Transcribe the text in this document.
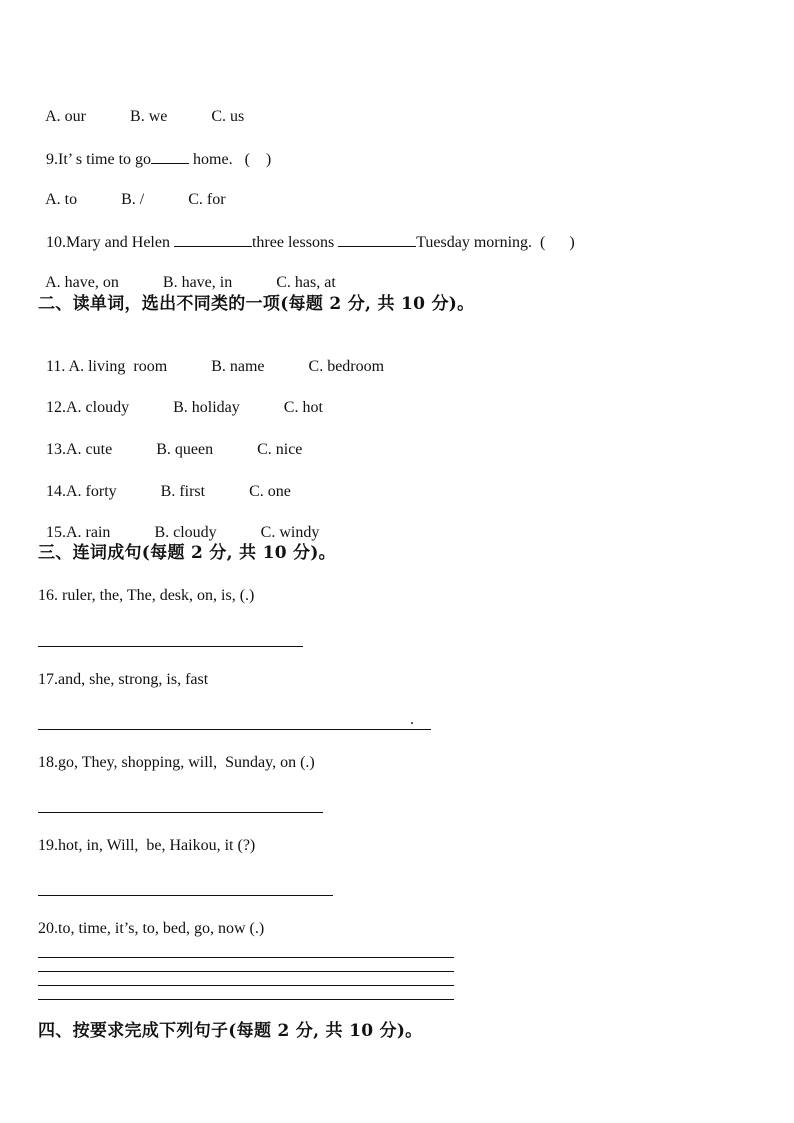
A. our	B. we	C. us

9.It’ s time to go home.   (    )

A. to	B. /	C. for

10.Mary and Helen	three lessons	Tuesday morning.  (      )

A. have, on	B. have, in	C. has, at

二、读单词，选出不同类的一项(每题 2 分, 共 10 分)。

11. A. living  room	B. name	C. bedroom

12.A. cloudy	B. holiday	C. hot

13.A. cute	B. queen	C. nice

14.A. forty	B. first	C. one

15.A. rain	B. cloudy	C. windy

三、连词成句(每题 2 分, 共 10 分)。
16. ruler, the, The, desk, on, is, (.)
17.and, she, strong, is, fast
.
18.go, They, shopping, will,  Sunday, on (.)
19.hot, in, Will,  be, Haikou, it (?)
20.to, time, it’s, to, bed, go, now (.)
四、按要求完成下列句子(每题 2 分, 共 10 分)。
